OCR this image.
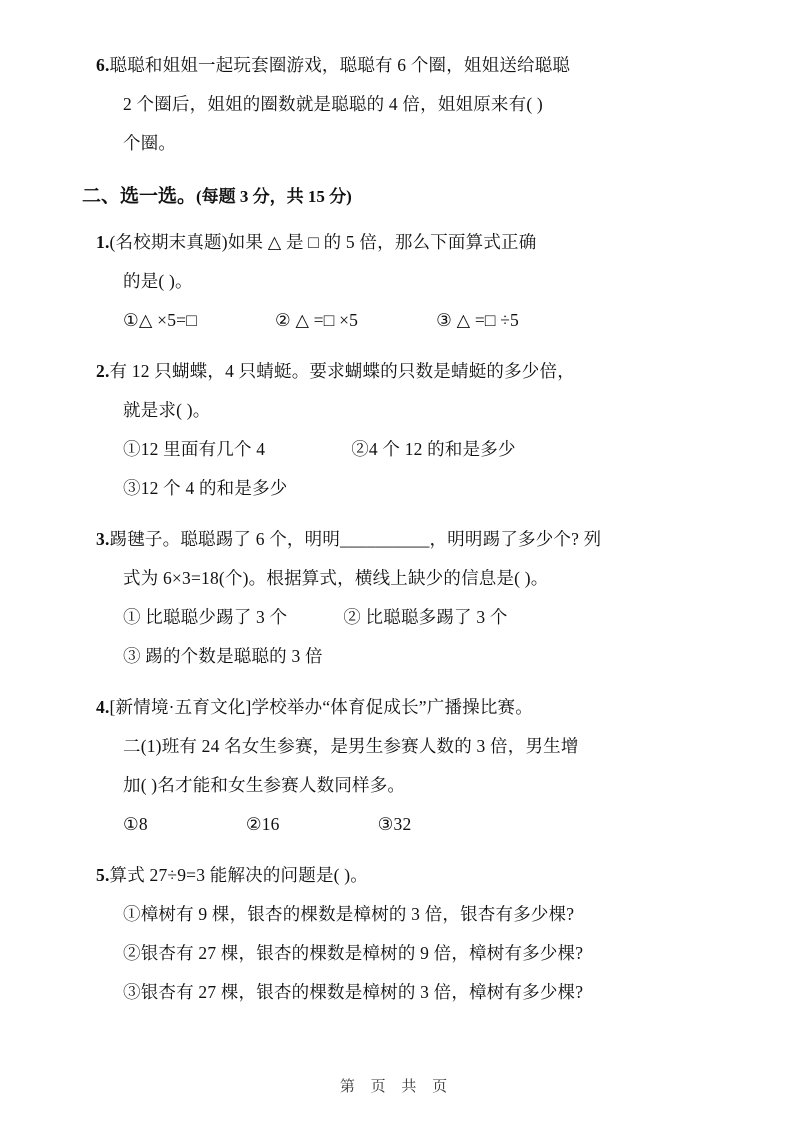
6.聪聪和姐姐一起玩套圈游戏，聪聪有 6 个圈，姐姐送给聪聪
2 个圈后，姐姐的圈数就是聪聪的 4 倍，姐姐原来有( )
个圈。
二、选一选。(每题 3 分，共 15 分)
1.(名校期末真题)如果 △ 是 □ 的 5 倍，那么下面算式正确
的是( )。
①△ ×5=□	② △ =□ ×5	③ △ =□ ÷5
2.有 12 只蝴蝶，4 只蜻蜓。要求蝴蝶的只数是蜻蜓的多少倍，
就是求( )。
①12 里面有几个 4	②4 个 12 的和是多少
③12 个 4 的和是多少
3.踢毽子。聪聪踢了 6 个，明明__________，明明踢了多少个? 列
式为 6×3=18(个)。根据算式，横线上缺少的信息是( )。
① 比聪聪少踢了 3 个	② 比聪聪多踢了 3 个
③ 踢的个数是聪聪的 3 倍
4.[新情境·五育文化]学校举办“体育促成长”广播操比赛。
二(1)班有 24 名女生参赛，是男生参赛人数的 3 倍，男生增
加( )名才能和女生参赛人数同样多。
①8	②16	③32
5.算式 27÷9=3 能解决的问题是( )。
①樟树有 9 棵，银杏的棵数是樟树的 3 倍，银杏有多少棵?
②银杏有 27 棵，银杏的棵数是樟树的 9 倍，樟树有多少棵?
③银杏有 27 棵，银杏的棵数是樟树的 3 倍，樟树有多少棵?
第 页 共 页
